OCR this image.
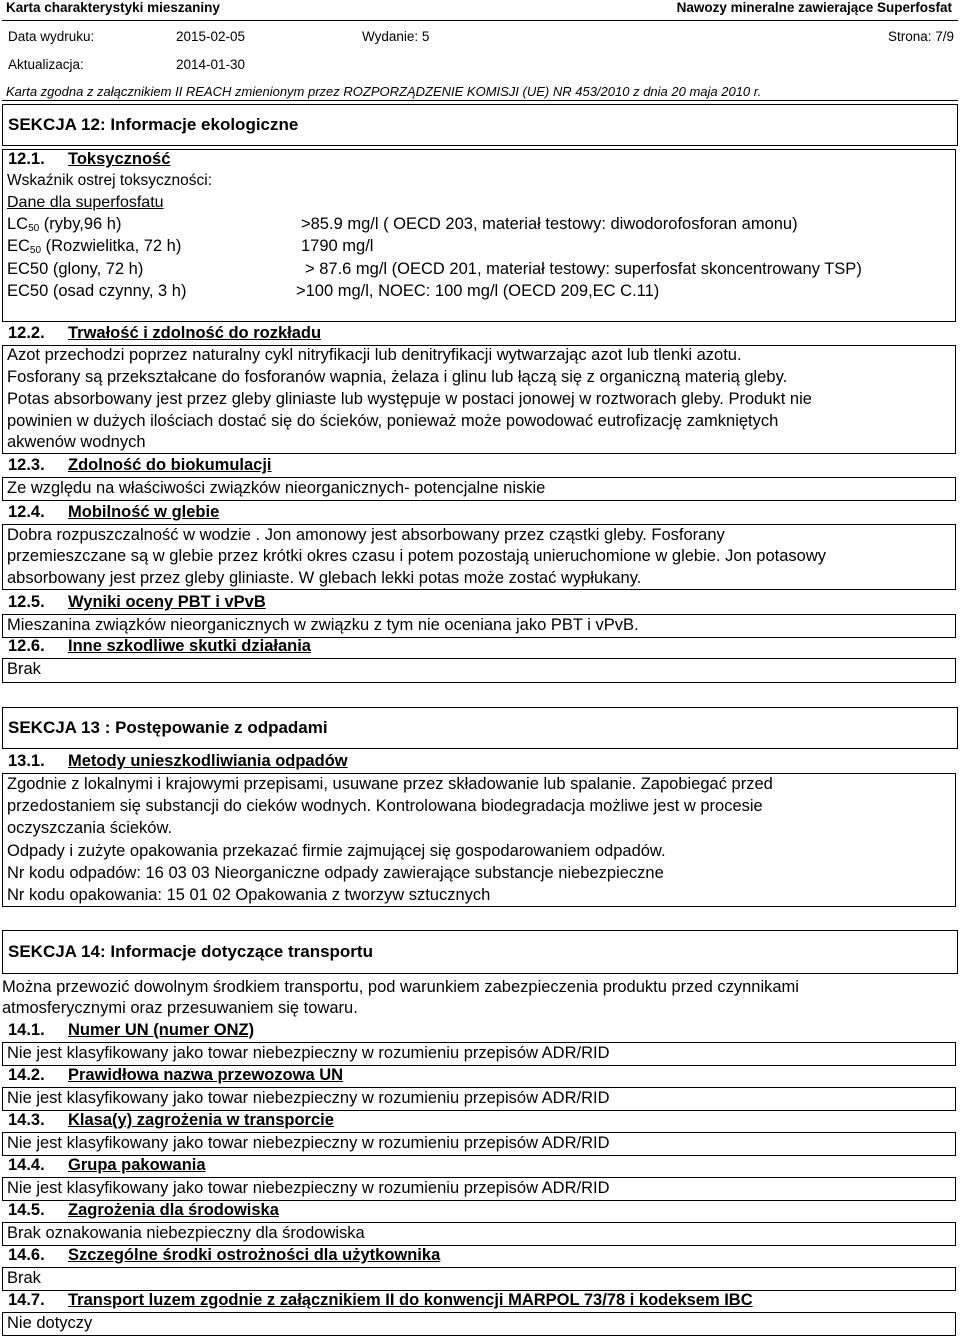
Karta charakterystyki mieszaniny	Nawozy mineralne zawierające Superfosfat
Data wydruku:	2015-02-05	Wydanie: 5	Strona: 7/9
Aktualizacja:	2014-01-30
Karta zgodna z załącznikiem II REACH zmienionym przez ROZPORZĄDZENIE KOMISJI (UE) NR 453/2010 z dnia 20 maja 2010 r.
SEKCJA 12: Informacje ekologiczne
12.1. Toksyczność
Wskaźnik ostrej toksyczności:
Dane dla superfosfatu
$LC_{50}$ (ryby,96 h)	>85.9 mg/l ( OECD 203, materiał testowy: diwodorofosforan amonu)
$EC_{50}$ (Rozwielitka, 72 h)	1790 mg/l
EC50 (glony, 72 h)	> 87.6 mg/l (OECD 201, materiał testowy: superfosfat skoncentrowany TSP)
EC50 (osad czynny, 3 h)	>100 mg/l, NOEC: 100 mg/l (OECD 209,EC C.11)
12.2. Trwałość i zdolność do rozkładu
Azot przechodzi poprzez naturalny cykl nitryfikacji lub denitryfikacji wytwarzając azot lub tlenki azotu.
Fosforany są przekształcane do fosforanów wapnia, żelaza i glinu lub łączą się z organiczną materią gleby.
Potas absorbowany jest przez gleby gliniaste lub występuje w postaci jonowej w roztworach gleby. Produkt nie
powinien w dużych ilościach dostać się do ścieków, ponieważ może powodować eutrofizację zamkniętych
akwenów wodnych
12.3. Zdolność do biokumulacji
Ze względu na właściwości związków nieorganicznych- potencjalne niskie
12.4. Mobilność w glebie
Dobra rozpuszczalność w wodzie . Jon amonowy jest absorbowany przez cząstki gleby. Fosforany
przemieszczane są w glebie przez krótki okres czasu i potem pozostają unieruchomione w glebie. Jon potasowy
absorbowany jest przez gleby gliniaste. W glebach lekki potas może zostać wypłukany.
12.5. Wyniki oceny PBT i vPvB
Mieszanina związków nieorganicznych w związku z tym nie oceniana jako PBT i vPvB.
12.6. Inne szkodliwe skutki działania
Brak
SEKCJA 13 : Postępowanie z odpadami
13.1. Metody unieszkodliwiania odpadów
Zgodnie z lokalnymi i krajowymi przepisami, usuwane przez składowanie lub spalanie. Zapobiegać przed
przedostaniem się substancji do cieków wodnych. Kontrolowana biodegradacja możliwe jest w procesie
oczyszczania ścieków.
Odpady i zużyte opakowania przekazać firmie zajmującej się gospodarowaniem odpadów.
Nr kodu odpadów: 16 03 03 Nieorganiczne odpady zawierające substancje niebezpieczne
Nr kodu opakowania: 15 01 02 Opakowania z tworzyw sztucznych
SEKCJA 14: Informacje dotyczące transportu
Można przewozić dowolnym środkiem transportu, pod warunkiem zabezpieczenia produktu przed czynnikami
atmosferycznymi oraz przesuwaniem się towaru.
14.1. Numer UN (numer ONZ)
Nie jest klasyfikowany jako towar niebezpieczny w rozumieniu przepisów ADR/RID
14.2. Prawidłowa nazwa przewozowa UN
Nie jest klasyfikowany jako towar niebezpieczny w rozumieniu przepisów ADR/RID
14.3. Klasa(y) zagrożenia w transporcie
Nie jest klasyfikowany jako towar niebezpieczny w rozumieniu przepisów ADR/RID
14.4. Grupa pakowania
Nie jest klasyfikowany jako towar niebezpieczny w rozumieniu przepisów ADR/RID
14.5. Zagrożenia dla środowiska
Brak oznakowania niebezpieczny dla środowiska
14.6. Szczególne środki ostrożności dla użytkownika
Brak
14.7. Transport luzem zgodnie z załącznikiem II do konwencji MARPOL 73/78 i kodeksem IBC
Nie dotyczy
